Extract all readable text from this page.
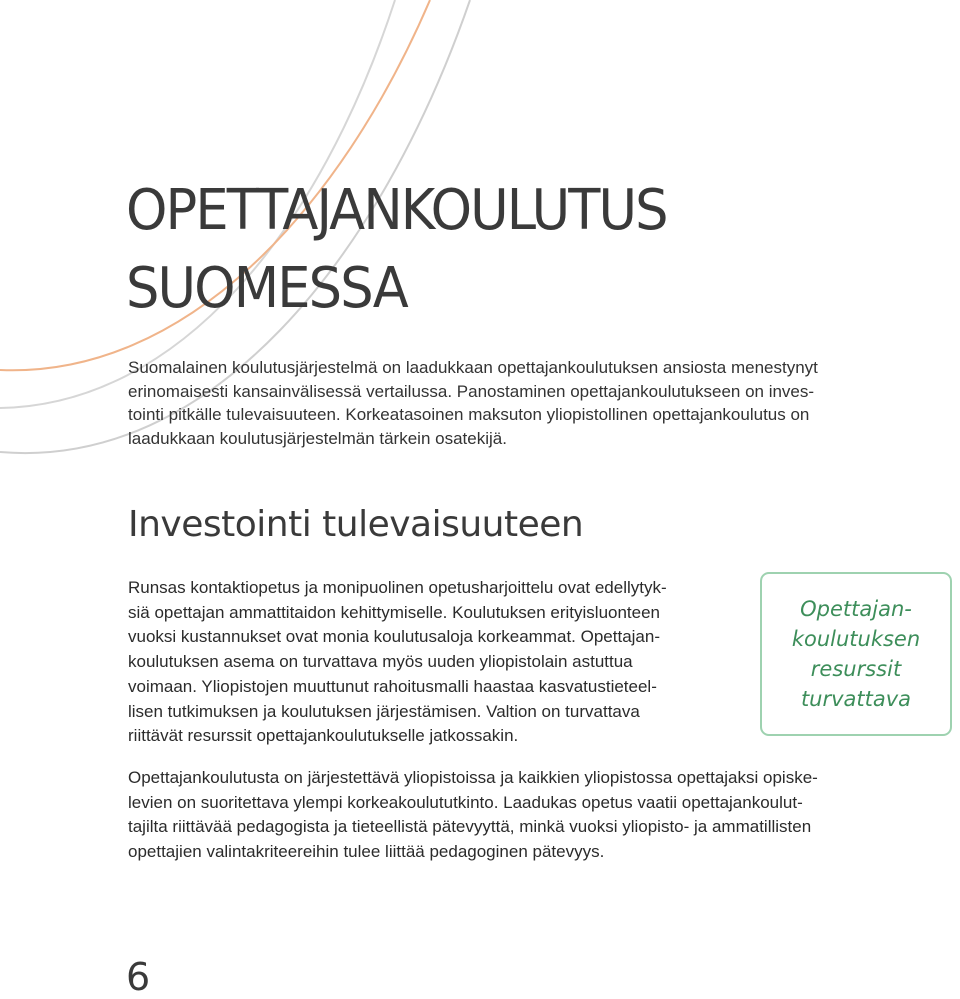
OPETTAJANKOULUTUS
SUOMESSA

Suomalainen koulutusjärjestelmä on laadukkaan opettajankoulutuksen ansiosta menestynyt
erinomaisesti kansainvälisessä vertailussa. Panostaminen opettajankoulutukseen on inves-
tointi pitkälle tulevaisuuteen. Korkeatasoinen maksuton yliopistollinen opettajankoulutus on
laadukkaan koulutusjärjestelmän tärkein osatekijä.

Investointi tulevaisuuteen

Runsas kontaktiopetus ja monipuolinen opetusharjoittelu ovat edellytyk-
siä opettajan ammattitaidon kehittymiselle. Koulutuksen erityisluonteen
vuoksi kustannukset ovat monia koulutusaloja korkeammat. Opettajan-
koulutuksen asema on turvattava myös uuden yliopistolain astuttua
voimaan. Yliopistojen muuttunut rahoitusmalli haastaa kasvatustieteel-
lisen tutkimuksen ja koulutuksen järjestämisen. Valtion on turvattava
riittävät resurssit opettajankoulutukselle jatkossakin.

Opettajan-
koulutuksen
resurssit
turvattava

Opettajankoulutusta on järjestettävä yliopistoissa ja kaikkien yliopistossa opettajaksi opiske-
levien on suoritettava ylempi korkeakoulututkinto. Laadukas opetus vaatii opettajankoulut-
tajilta riittävää pedagogista ja tieteellistä pätevyyttä, minkä vuoksi yliopisto- ja ammatillisten
opettajien valintakriteereihin tulee liittää pedagoginen pätevyys.

6
